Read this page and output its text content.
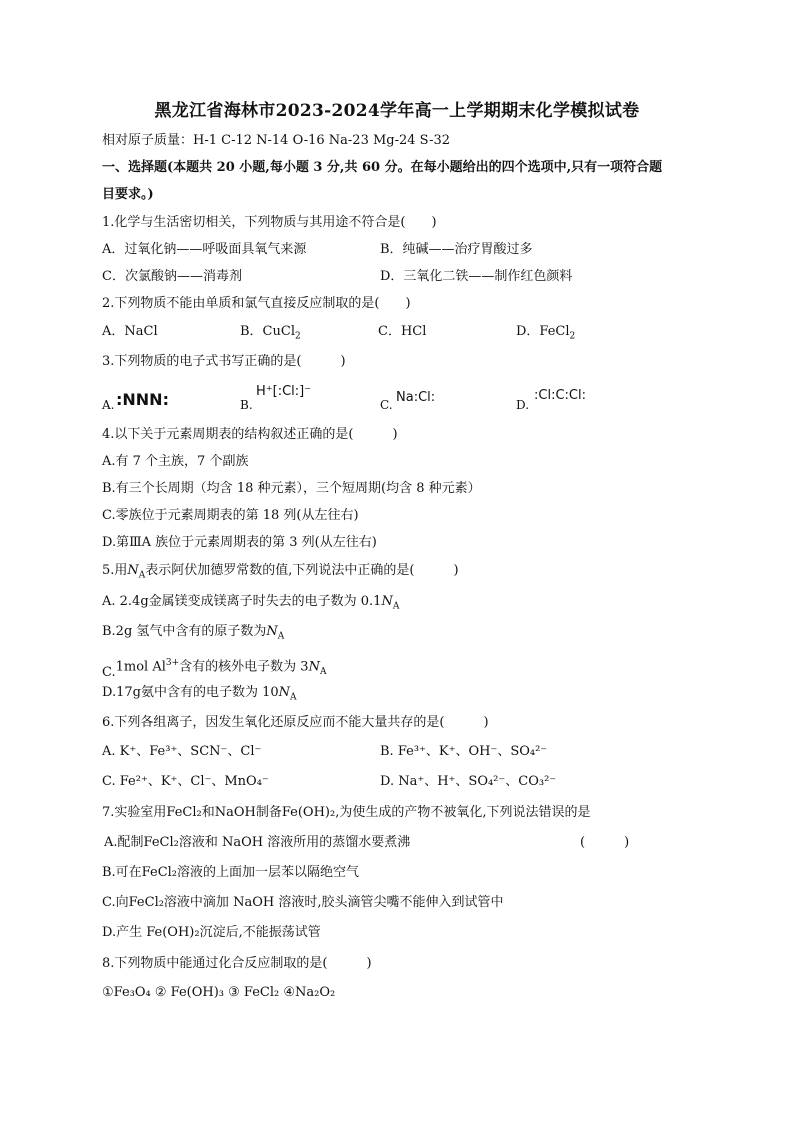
黑龙江省海林市2023-2024学年高一上学期期末化学模拟试卷
相对原子质量：H-1 C-12 N-14 O-16 Na-23 Mg-24 S-32
一、选择题(本题共 20 小题,每小题 3 分,共 60 分。在每小题给出的四个选项中,只有一项符合题
目要求。)
1.化学与生活密切相关，下列物质与其用途不符合是(　　)
A．过氧化钠——呼吸面具氧气来源	B．纯碱——治疗胃酸过多
C．次氯酸钠——消毒剂	D．三氧化二铁——制作红色颜料
2.下列物质不能由单质和氯气直接反应制取的是(　　)
A．NaCl	B．CuCl$_2$	C．HCl	D．FeCl$_2$
3.下列物质的电子式书写正确的是(　　　)
A. :NNN:	B.
H⁺[:Cl:]⁻
C. Na:Cl:	D.
:Cl:C:Cl:
4.以下关于元素周期表的结构叙述正确的是(　　　)
A.有 7 个主族，7 个副族
B.有三个长周期（均含 18 种元素），三个短周期(均含 8 种元素）
C.零族位于元素周期表的第 18 列(从左往右)
D.第ⅢA 族位于元素周期表的第 3 列(从左往右)
5.用$N_A$表示阿伏加德罗常数的值,下列说法中正确的是(　　　)
A. 2.4g金属镁变成镁离子时失去的电子数为 $0.1N_A$
B.2g 氢气中含有的原子数为$N_A$
C.1mol $Al^{3+}$含有的核外电子数为 $3N_A$
D.17g氨中含有的电子数为 $10N_A$
6.下列各组离子，因发生氧化还原反应而不能大量共存的是(　　　)
A. K⁺、Fe³⁺、SCN⁻、Cl⁻	B. Fe³⁺、K⁺、OH⁻、SO₄²⁻
C. Fe²⁺、K⁺、Cl⁻、MnO₄⁻	D. Na⁺、H⁺、SO₄²⁻、CO₃²⁻
7.实验室用FeCl₂和NaOH制备Fe(OH)₂,为使生成的产物不被氧化,下列说法错误的是
A.配制FeCl₂溶液和 NaOH 溶液所用的蒸馏水要煮沸	(　　　)
B.可在FeCl₂溶液的上面加一层苯以隔绝空气
C.向FeCl₂溶液中滴加 NaOH 溶液时,胶头滴管尖嘴不能伸入到试管中
D.产生 Fe(OH)₂沉淀后,不能振荡试管
8.下列物质中能通过化合反应制取的是(　　　)
①Fe₃O₄ ② Fe(OH)₃ ③ FeCl₂ ④Na₂O₂
